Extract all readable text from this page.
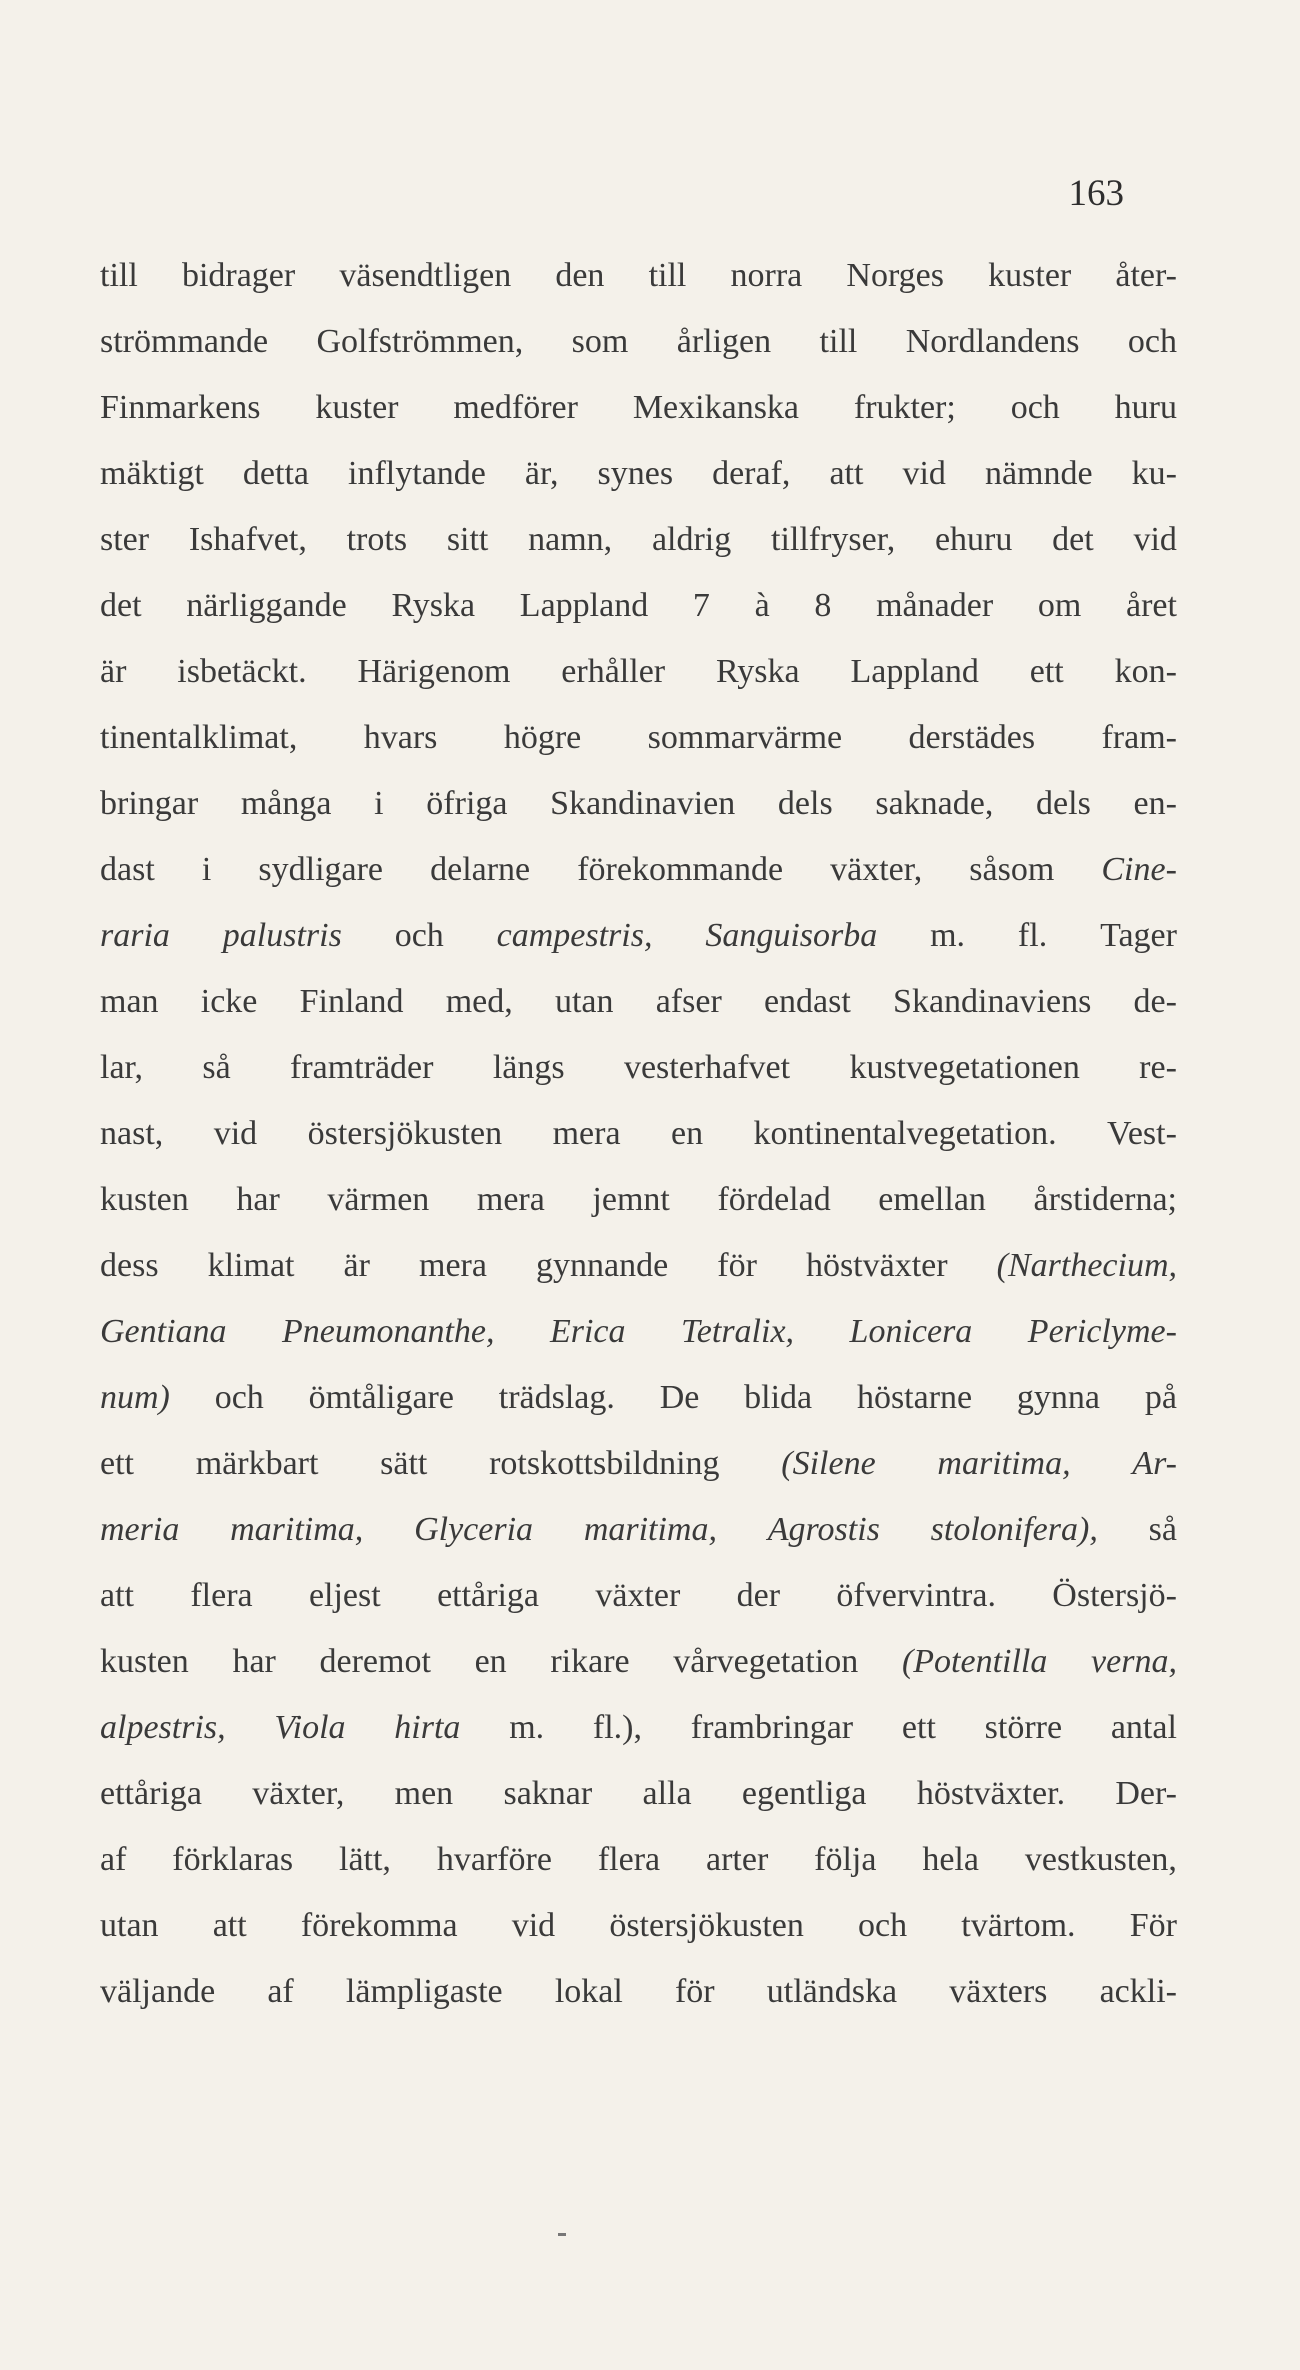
163
till bidrager väsendtligen den till norra Norges kuster åter-
strömmande Golfströmmen, som årligen till Nordlandens och
Finmarkens kuster medförer Mexikanska frukter; och huru
mäktigt detta inflytande är, synes deraf, att vid nämnde ku-
ster Ishafvet, trots sitt namn, aldrig tillfryser, ehuru det vid
det närliggande Ryska Lappland 7 à 8 månader om året
är isbetäckt. Härigenom erhåller Ryska Lappland ett kon-
tinentalklimat, hvars högre sommarvärme derstädes fram-
bringar många i öfriga Skandinavien dels saknade, dels en-
dast i sydligare delarne förekommande växter, såsom Cine-
raria palustris och campestris, Sanguisorba m. fl. Tager
man icke Finland med, utan afser endast Skandinaviens de-
lar, så framträder längs vesterhafvet kustvegetationen re-
nast, vid östersjökusten mera en kontinentalvegetation. Vest-
kusten har värmen mera jemnt fördelad emellan årstiderna;
dess klimat är mera gynnande för höstväxter (Narthecium,
Gentiana Pneumonanthe, Erica Tetralix, Lonicera Periclyme-
num) och ömtåligare trädslag. De blida höstarne gynna på
ett märkbart sätt rotskottsbildning (Silene maritima, Ar-
meria maritima, Glyceria maritima, Agrostis stolonifera), så
att flera eljest ettåriga växter der öfvervintra. Östersjö-
kusten har deremot en rikare vårvegetation (Potentilla verna,
alpestris, Viola hirta m. fl.), frambringar ett större antal
ettåriga växter, men saknar alla egentliga höstväxter. Der-
af förklaras lätt, hvarföre flera arter följa hela vestkusten,
utan att förekomma vid östersjökusten och tvärtom. För
väljande af lämpligaste lokal för utländska växters ackli-
